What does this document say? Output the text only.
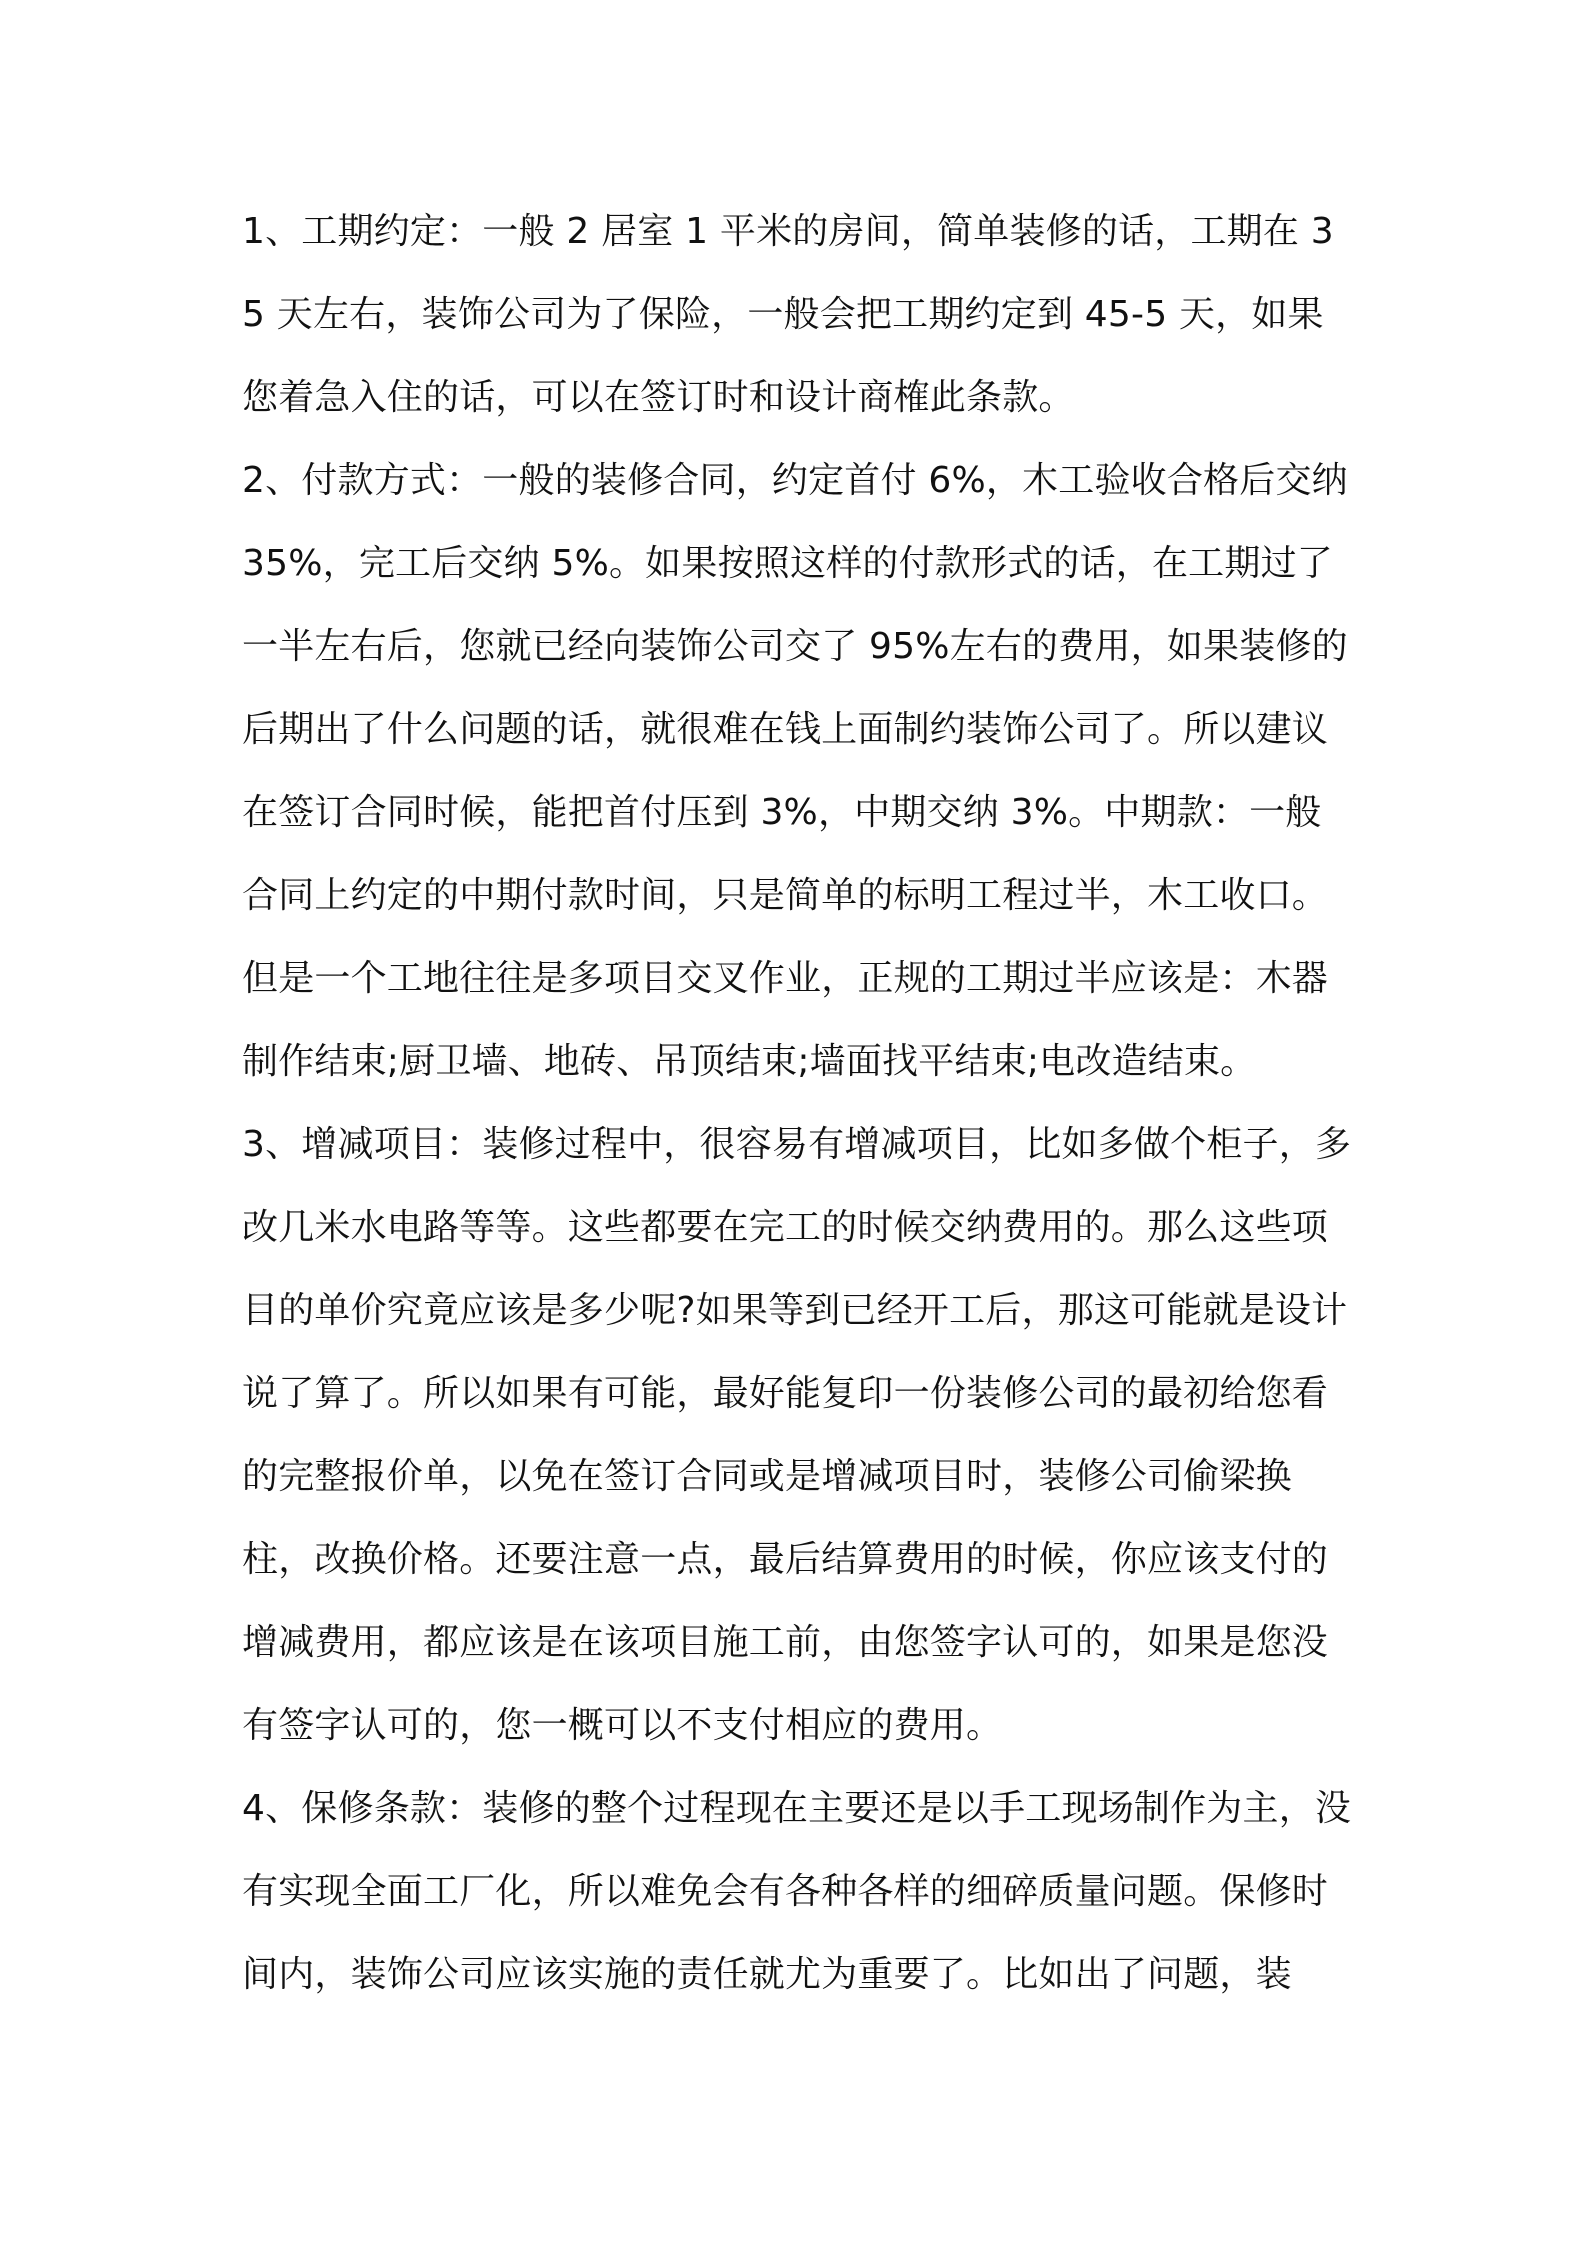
1、工期约定：一般 2 居室 1 平米的房间，简单装修的话，工期在 35 天左右，装饰公司为了保险，一般会把工期约定到 45-5 天，如果您着急入住的话，可以在签订时和设计商榷此条款。

2、付款方式：一般的装修合同，约定首付 6%，木工验收合格后交纳 35%，完工后交纳 5%。如果按照这样的付款形式的话，在工期过了一半左右后，您就已经向装饰公司交了 95%左右的费用，如果装修的后期出了什么问题的话，就很难在钱上面制约装饰公司了。所以建议在签订合同时候，能把首付压到 3%，中期交纳 3%。中期款：一般合同上约定的中期付款时间，只是简单的标明工程过半，木工收口。但是一个工地往往是多项目交叉作业，正规的工期过半应该是：木器制作结束;厨卫墙、地砖、吊顶结束;墙面找平结束;电改造结束。

3、增减项目：装修过程中，很容易有增减项目，比如多做个柜子，多改几米水电路等等。这些都要在完工的时候交纳费用的。那么这些项目的单价究竟应该是多少呢?如果等到已经开工后，那这可能就是设计说了算了。所以如果有可能，最好能复印一份装修公司的最初给您看的完整报价单，以免在签订合同或是增减项目时，装修公司偷梁换柱，改换价格。还要注意一点，最后结算费用的时候，你应该支付的增减费用，都应该是在该项目施工前，由您签字认可的，如果是您没有签字认可的，您一概可以不支付相应的费用。

4、保修条款：装修的整个过程现在主要还是以手工现场制作为主，没有实现全面工厂化，所以难免会有各种各样的细碎质量问题。保修时间内，装饰公司应该实施的责任就尤为重要了。比如出了问题，装
